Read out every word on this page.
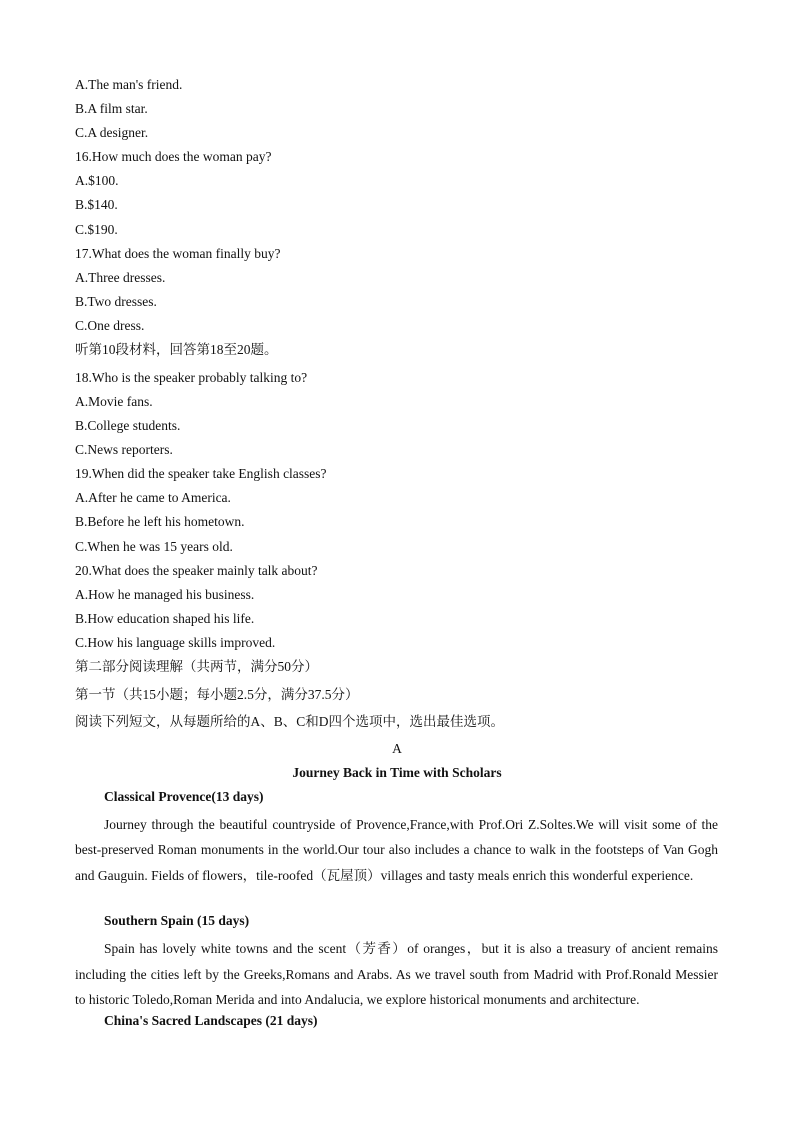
A.The man's friend.
B.A film star.
C.A designer.
16.How much does the woman pay?
A.$100.
B.$140.
C.$190.
17.What does the woman finally buy?
A.Three dresses.
B.Two dresses.
C.One dress.
听第10段材料，回答第18至20题。
18.Who is the speaker probably talking to?
A.Movie fans.
B.College students.
C.News reporters.
19.When did the speaker take English classes?
A.After he came to America.
B.Before he left his hometown.
C.When he was 15 years old.
20.What does the speaker mainly talk about?
A.How he managed his business.
B.How education shaped his life.
C.How his language skills improved.
第二部分阅读理解（共两节，满分50分）
第一节（共15小题；每小题2.5分，满分37.5分）
阅读下列短文，从每题所给的A、B、C和D四个选项中，选出最佳选项。
A
Journey Back in Time with Scholars
Classical Provence(13 days)
Journey through the beautiful countryside of Provence,France,with Prof.Ori Z.Soltes.We will visit some of the best-preserved Roman monuments in the world.Our tour also includes a chance to walk in the footsteps of Van Gogh and Gauguin. Fields of flowers，tile-roofed（瓦屋顶）villages and tasty meals enrich this wonderful experience.
Southern Spain (15 days)
Spain has lovely white towns and the scent（芳香）of oranges，but it is also a treasury of ancient remains including the cities left by the Greeks,Romans and Arabs. As we travel south from Madrid with Prof.Ronald Messier to historic Toledo,Roman Merida and into Andalucia, we explore historical monuments and architecture.
China's Sacred Landscapes (21 days)
